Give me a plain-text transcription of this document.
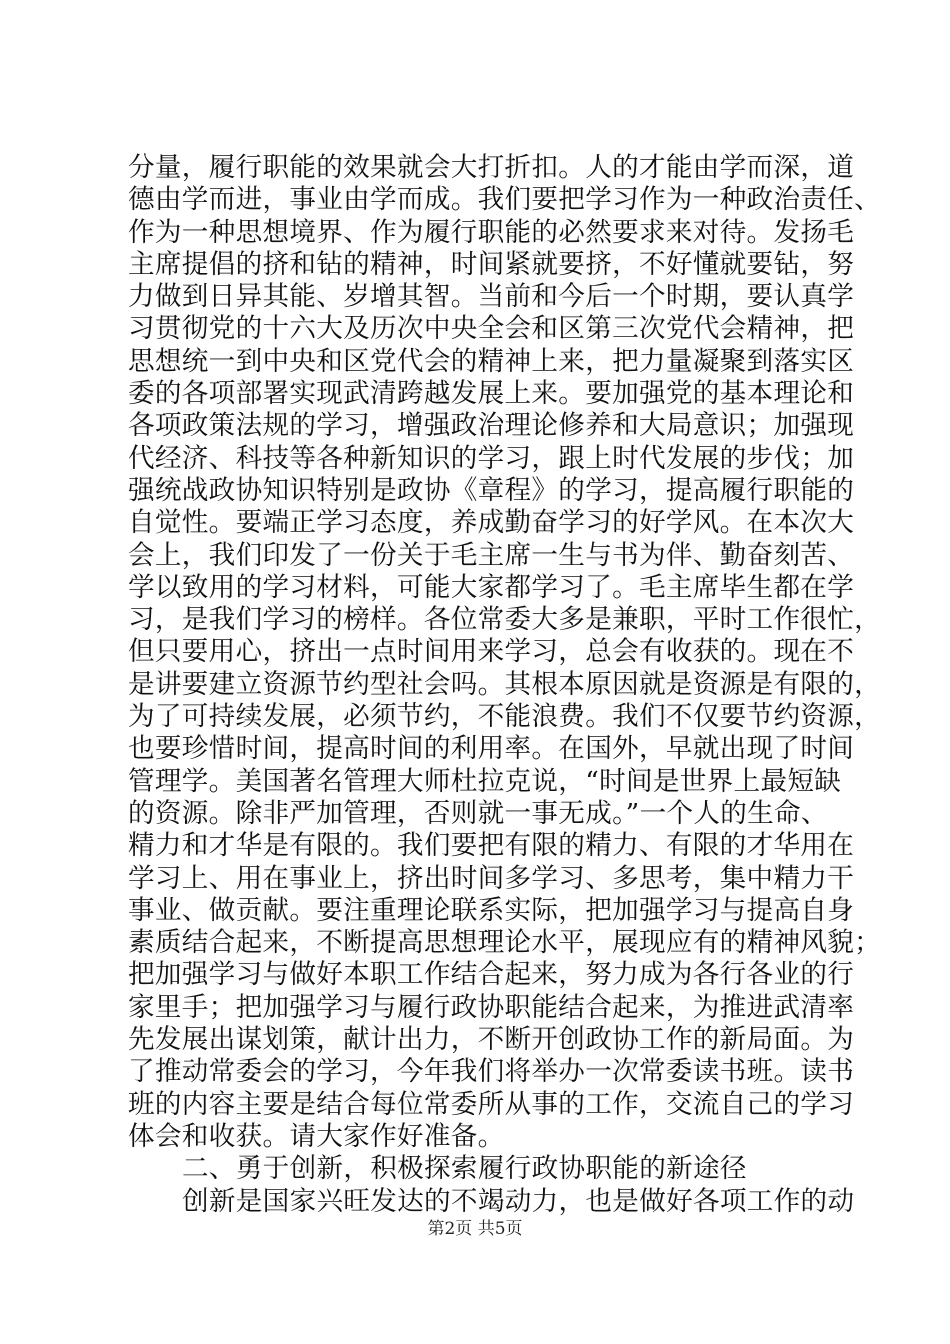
分量，履行职能的效果就会大打折扣。人的才能由学而深，道
德由学而进，事业由学而成。我们要把学习作为一种政治责任、
作为一种思想境界、作为履行职能的必然要求来对待。发扬毛
主席提倡的挤和钻的精神，时间紧就要挤，不好懂就要钻，努
力做到日异其能、岁增其智。当前和今后一个时期，要认真学
习贯彻党的十六大及历次中央全会和区第三次党代会精神，把
思想统一到中央和区党代会的精神上来，把力量凝聚到落实区
委的各项部署实现武清跨越发展上来。要加强党的基本理论和
各项政策法规的学习，增强政治理论修养和大局意识；加强现
代经济、科技等各种新知识的学习，跟上时代发展的步伐；加
强统战政协知识特别是政协《章程》的学习，提高履行职能的
自觉性。要端正学习态度，养成勤奋学习的好学风。在本次大
会上，我们印发了一份关于毛主席一生与书为伴、勤奋刻苦、
学以致用的学习材料，可能大家都学习了。毛主席毕生都在学
习，是我们学习的榜样。各位常委大多是兼职，平时工作很忙，
但只要用心，挤出一点时间用来学习，总会有收获的。现在不
是讲要建立资源节约型社会吗。其根本原因就是资源是有限的，
为了可持续发展，必须节约，不能浪费。我们不仅要节约资源，
也要珍惜时间，提高时间的利用率。在国外，早就出现了时间
管理学。美国著名管理大师杜拉克说，“时间是世界上最短缺
的资源。除非严加管理，否则就一事无成。”一个人的生命、
精力和才华是有限的。我们要把有限的精力、有限的才华用在
学习上、用在事业上，挤出时间多学习、多思考，集中精力干
事业、做贡献。要注重理论联系实际，把加强学习与提高自身
素质结合起来，不断提高思想理论水平，展现应有的精神风貌；
把加强学习与做好本职工作结合起来，努力成为各行各业的行
家里手；把加强学习与履行政协职能结合起来，为推进武清率
先发展出谋划策，献计出力，不断开创政协工作的新局面。为
了推动常委会的学习，今年我们将举办一次常委读书班。读书
班的内容主要是结合每位常委所从事的工作，交流自己的学习
体会和收获。请大家作好准备。
二、勇于创新，积极探索履行政协职能的新途径
创新是国家兴旺发达的不竭动力，也是做好各项工作的动
第2页 共5页
